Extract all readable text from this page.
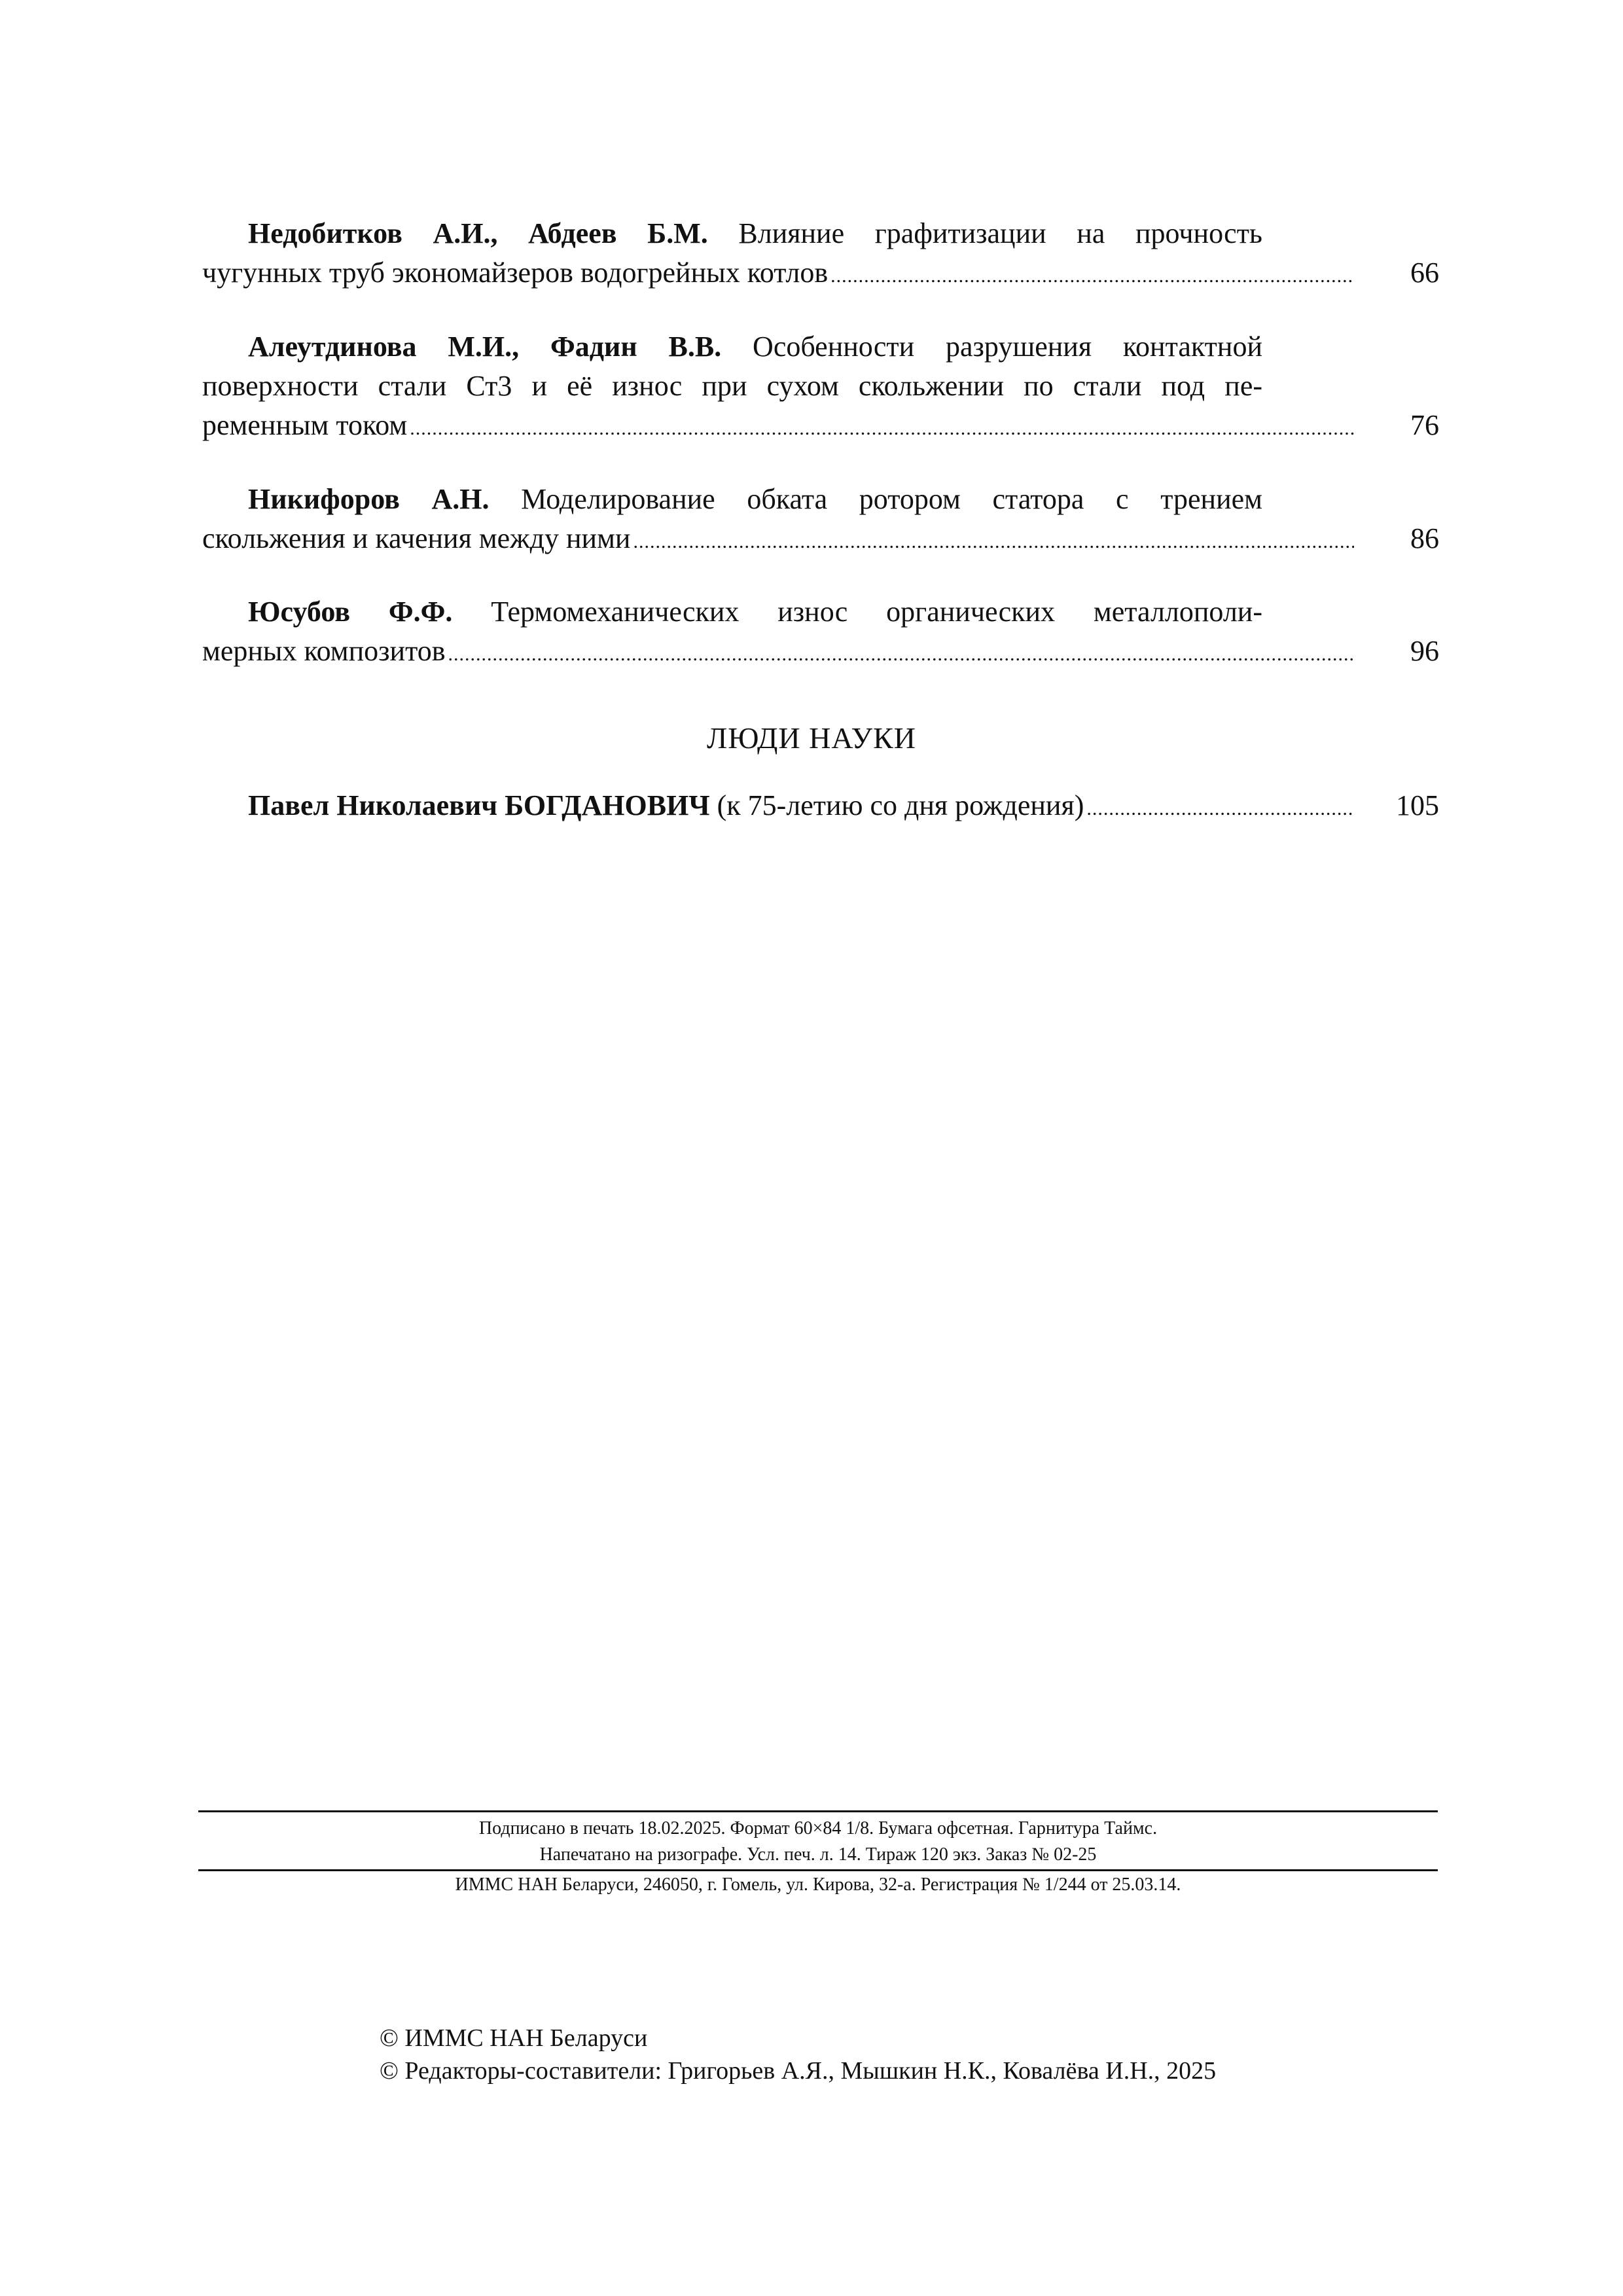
Недобитков А.И., Абдеев Б.М. Влияние графитизации на прочность
чугунных труб экономайзеров водогрейных котлов .....	66
Алеутдинова М.И., Фадин В.В. Особенности разрушения контактной
поверхности стали Ст3 и её износ при сухом скольжении по стали под пе-
ременным током .....	76
Никифоров А.Н. Моделирование обката ротором статора с трением
скольжения и качения между ними .....	86
Юсубов Ф.Ф. Термомеханических износ органических металлополи-
мерных композитов .....	96
ЛЮДИ НАУКИ
Павел Николаевич БОГДАНОВИЧ (к 75-летию со дня рождения) .....	105
Подписано в печать 18.02.2025. Формат 60×84 1/8. Бумага офсетная. Гарнитура Таймс.
Напечатано на ризографе. Усл. печ. л. 14. Тираж 120 экз. Заказ № 02-25
ИММС НАН Беларуси, 246050, г. Гомель, ул. Кирова, 32-а. Регистрация № 1/244 от 25.03.14.
© ИММС НАН Беларуси
© Редакторы-составители: Григорьев А.Я., Мышкин Н.К., Ковалёва И.Н., 2025
